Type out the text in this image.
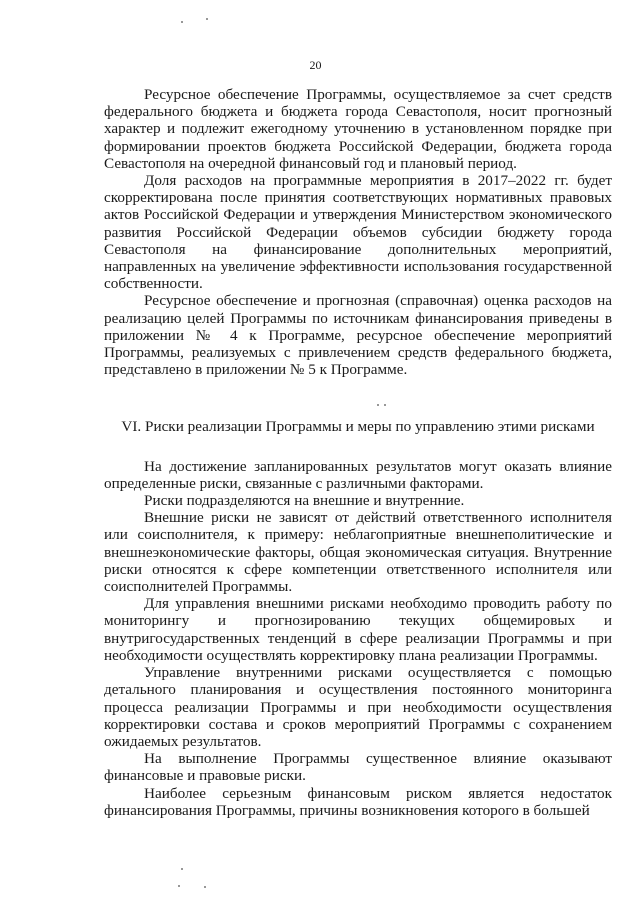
20

Ресурсное обеспечение Программы, осуществляемое за счет средств федерального бюджета и бюджета города Севастополя, носит прогнозный характер и подлежит ежегодному уточнению в установленном порядке при формировании проектов бюджета Российской Федерации, бюджета города Севастополя на очередной финансовый год и плановый период.

Доля расходов на программные мероприятия в 2017–2022 гг. будет скорректирована после принятия соответствующих нормативных правовых актов Российской Федерации и утверждения Министерством экономического развития Российской Федерации объемов субсидии бюджету города Севастополя на финансирование дополнительных мероприятий, направленных на увеличение эффективности использования государственной собственности.

Ресурсное обеспечение и прогнозная (справочная) оценка расходов на реализацию целей Программы по источникам финансирования приведены в приложении № 4 к Программе, ресурсное обеспечение мероприятий Программы, реализуемых с привлечением средств федерального бюджета, представлено в приложении № 5 к Программе.

VI. Риски реализации Программы и меры по управлению этими рисками

На достижение запланированных результатов могут оказать влияние определенные риски, связанные с различными факторами.

Риски подразделяются на внешние и внутренние.

Внешние риски не зависят от действий ответственного исполнителя или соисполнителя, к примеру: неблагоприятные внешнеполитические и внешнеэкономические факторы, общая экономическая ситуация. Внутренние риски относятся к сфере компетенции ответственного исполнителя или соисполнителей Программы.

Для управления внешними рисками необходимо проводить работу по мониторингу и прогнозированию текущих общемировых и внутригосударственных тенденций в сфере реализации Программы и при необходимости осуществлять корректировку плана реализации Программы.

Управление внутренними рисками осуществляется с помощью детального планирования и осуществления постоянного мониторинга процесса реализации Программы и при необходимости осуществления корректировки состава и сроков мероприятий Программы с сохранением ожидаемых результатов.

На выполнение Программы существенное влияние оказывают финансовые и правовые риски.

Наиболее серьезным финансовым риском является недостаток финансирования Программы, причины возникновения которого в большей
